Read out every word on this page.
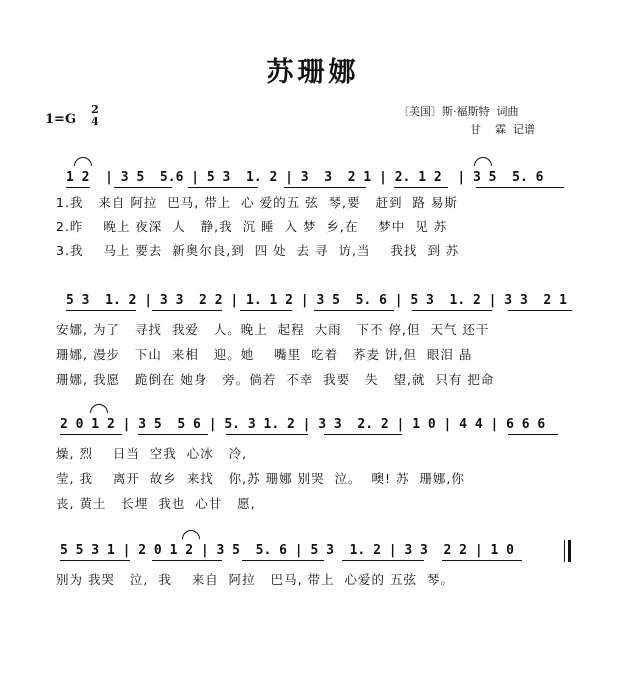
苏珊娜
1=G
2
4
〔美国〕斯·福斯特  词曲
甘    霖  记谱
1 2  | 3 5  5.6 | 5 3  1. 2 | 3  3  2 1 | 2. 1 2  | 3 5  5. 6
1.我   来自 阿拉  巴马, 带上  心 爱的五 弦  琴,要   赶到  路 易斯
2.昨    晚上 夜深  人   静,我  沉 睡  入 梦  乡,在    梦中  见 苏
3.我    马上 要去  新奥尔良,到  四 处  去 寻  访,当    我找  到 苏
5 3  1. 2 | 3 3  2 2 | 1. 1 2 | 3 5  5. 6 | 5 3  1. 2 | 3 3  2 1
安娜, 为了   寻找  我爱   人。晚上  起程  大雨   下不 停,但  天气 还干
珊娜, 漫步   下山  来相   迎。她    嘴里  吃着   荞麦 饼,但  眼泪 晶
珊娜, 我愿   跪倒在 她身   旁。倘若  不幸  我要   失   望,就  只有 把命
2 0 1 2 | 3 5  5 6 | 5. 3 1. 2 | 3 3  2. 2 | 1 0 | 4 4 | 6 6 6
燥, 烈    日当  空我  心冰   冷,
莹, 我    离开  故乡  来找   你,苏 珊娜 别哭  泣。  噢! 苏  珊娜,你
丧, 黄土   长埋  我也  心甘   愿,
5 5 3 1 | 2 0 1 2 | 3 5  5. 6 | 5 3  1. 2 | 3 3  2 2 | 1 0
别为 我哭   泣,  我    来自  阿拉   巴马, 带上  心爱的 五弦  琴。
